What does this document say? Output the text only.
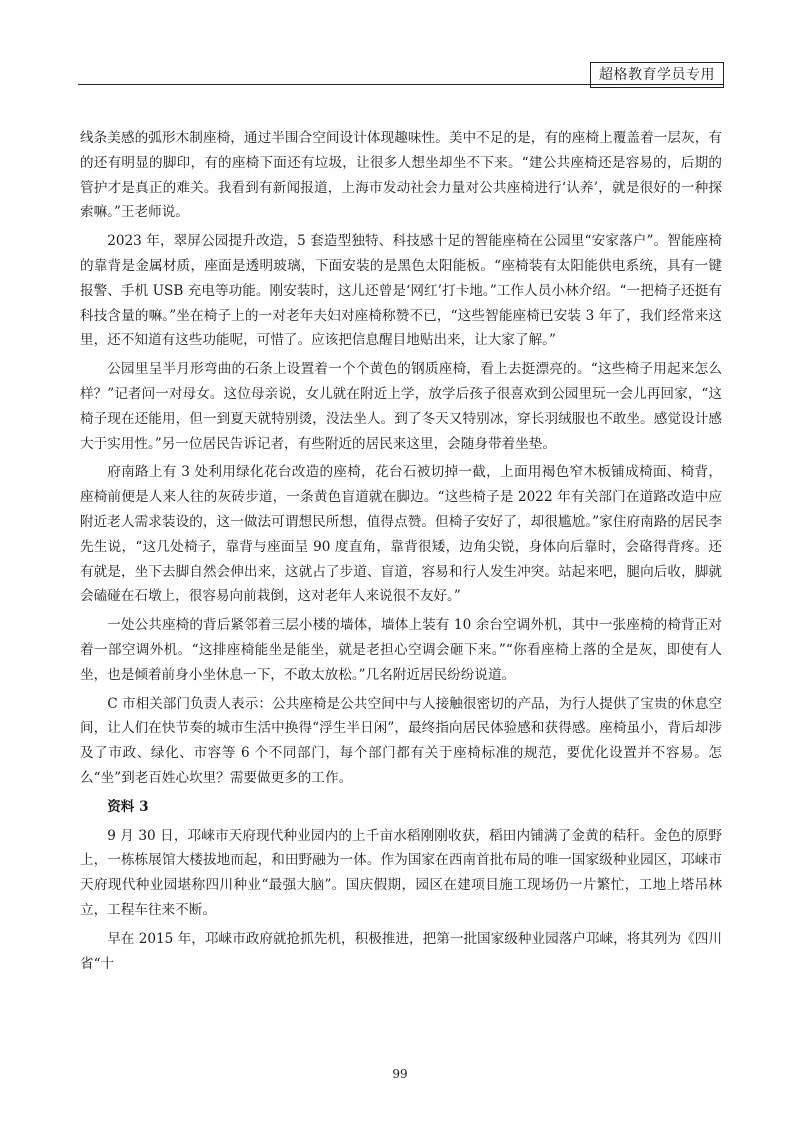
超格教育学员专用

线条美感的弧形木制座椅，通过半围合空间设计体现趣味性。美中不足的是，有的座椅上覆盖着一层灰，有的还有明显的脚印，有的座椅下面还有垃圾，让很多人想坐却坐不下来。“建公共座椅还是容易的，后期的管护才是真正的难关。我看到有新闻报道，上海市发动社会力量对公共座椅进行‘认养’，就是很好的一种探索嘛。”王老师说。

2023 年，翠屏公园提升改造，5 套造型独特、科技感十足的智能座椅在公园里“安家落户”。智能座椅的靠背是金属材质，座面是透明玻璃，下面安装的是黑色太阳能板。“座椅装有太阳能供电系统，具有一键报警、手机 USB 充电等功能。刚安装时，这儿还曾是‘网红’打卡地。”工作人员小林介绍。“一把椅子还挺有科技含量的嘛。”坐在椅子上的一对老年夫妇对座椅称赞不已，“这些智能座椅已安装 3 年了，我们经常来这里，还不知道有这些功能呢，可惜了。应该把信息醒目地贴出来，让大家了解。”

公园里呈半月形弯曲的石条上设置着一个个黄色的钢质座椅，看上去挺漂亮的。“这些椅子用起来怎么样？”记者问一对母女。这位母亲说，女儿就在附近上学，放学后孩子很喜欢到公园里玩一会儿再回家，“这椅子现在还能用，但一到夏天就特别烫，没法坐人。到了冬天又特别冰，穿长羽绒服也不敢坐。感觉设计感大于实用性。”另一位居民告诉记者，有些附近的居民来这里，会随身带着坐垫。

府南路上有 3 处利用绿化花台改造的座椅，花台石被切掉一截，上面用褐色窄木板铺成椅面、椅背，座椅前便是人来人往的灰砖步道，一条黄色盲道就在脚边。“这些椅子是 2022 年有关部门在道路改造中应附近老人需求装设的，这一做法可谓想民所想，值得点赞。但椅子安好了，却很尴尬。”家住府南路的居民李先生说，“这几处椅子，靠背与座面呈 90 度直角，靠背很矮，边角尖锐，身体向后靠时，会硌得背疼。还有就是，坐下去脚自然会伸出来，这就占了步道、盲道，容易和行人发生冲突。站起来吧，腿向后收，脚就会磕碰在石墩上，很容易向前栽倒，这对老年人来说很不友好。”

一处公共座椅的背后紧邻着三层小楼的墙体，墙体上装有 10 余台空调外机，其中一张座椅的椅背正对着一部空调外机。“这排座椅能坐是能坐，就是老担心空调会砸下来。”“你看座椅上落的全是灰，即使有人坐，也是倾着前身小坐休息一下，不敢太放松。”几名附近居民纷纷说道。

C 市相关部门负责人表示：公共座椅是公共空间中与人接触很密切的产品，为行人提供了宝贵的休息空间，让人们在快节奏的城市生活中换得“浮生半日闲”，最终指向居民体验感和获得感。座椅虽小，背后却涉及了市政、绿化、市容等 6 个不同部门，每个部门都有关于座椅标准的规范，要优化设置并不容易。怎么“坐”到老百姓心坎里？需要做更多的工作。

资料 3

9 月 30 日，邛崃市天府现代种业园内的上千亩水稻刚刚收获，稻田内铺满了金黄的秸秆。金色的原野上，一栋栋展馆大楼拔地而起，和田野融为一体。作为国家在西南首批布局的唯一国家级种业园区，邛崃市天府现代种业园堪称四川种业“最强大脑”。国庆假期，园区在建项目施工现场仍一片繁忙，工地上塔吊林立，工程车往来不断。

早在 2015 年，邛崃市政府就抢抓先机，积极推进，把第一批国家级种业园落户邛崃，将其列为《四川省“十

99
